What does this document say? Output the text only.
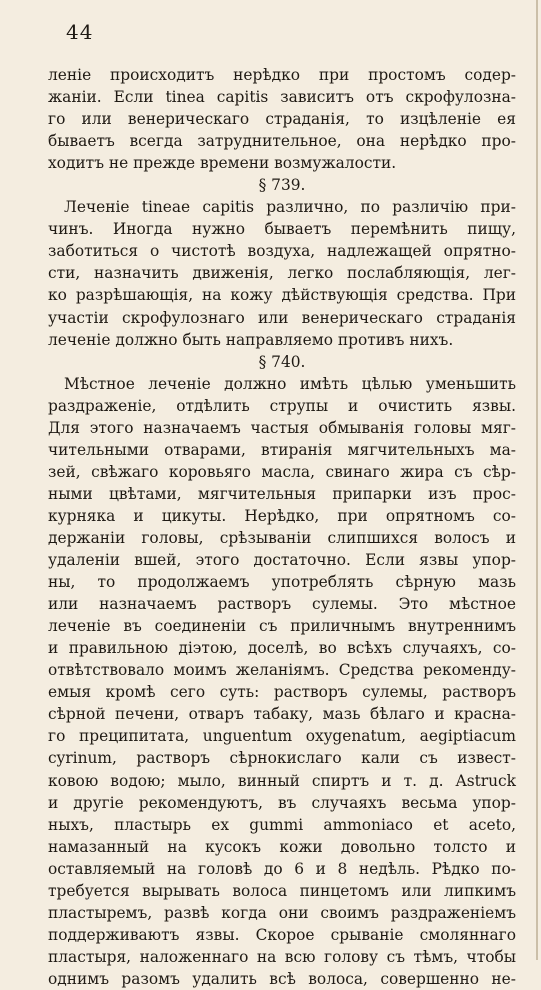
44
леніе происходитъ нерѣдко при простомъ содер-
жаніи. Если tinea capitis зависитъ отъ скрофулозна-
го или венерическаго страданія, то изцѣленіе ея
бываетъ всегда затруднительное, она нерѣдко про-
ходитъ не прежде времени возмужалости.
§ 739.
Леченіе tineae capitis различно, по различію при-
чинъ. Иногда нужно бываетъ перемѣнить пищу,
заботиться о чистотѣ воздуха, надлежащей опрятно-
сти, назначить движенія, легко послабляющія, лег-
ко разрѣшающія, на кожу дѣйствующія средства. При
участіи скрофулознаго или венерическаго страданія
леченіе должно быть направляемо противъ нихъ.
§ 740.
Мѣстное леченіе должно имѣть цѣлью уменьшить
раздраженіе, отдѣлить струпы и очистить язвы.
Для этого назначаемъ частыя обмыванія головы мяг-
чительными отварами, втиранія мягчительныхъ ма-
зей, свѣжаго коровьяго масла, свинаго жира съ сѣр-
ными цвѣтами, мягчительныя припарки изъ прос-
курняка и цикуты. Нерѣдко, при опрятномъ со-
держаніи головы, срѣзываніи слипшихся волосъ и
удаленіи вшей, этого достаточно. Если язвы упор-
ны, то продолжаемъ употреблять сѣрную мазь
или назначаемъ растворъ сулемы. Это мѣстное
леченіе въ соединеніи съ приличнымъ внутреннимъ
и правильною діэтою, доселѣ, во всѣхъ случаяхъ, со-
отвѣтствовало моимъ желаніямъ. Средства рекоменду-
емыя кромѣ сего суть: растворъ сулемы, растворъ
сѣрной печени, отваръ табаку, мазь бѣлаго и красна-
го преципитата, unguentum oxygenatum, aegiptiacum
cyrinum, растворъ сѣрнокислаго кали съ извест-
ковою водою; мыло, винный спиртъ и т. д. Astruck
и другіе рекомендуютъ, въ случаяхъ весьма упор-
ныхъ, пластырь ex gummi ammoniaco et aceto,
намазанный на кусокъ кожи довольно толсто и
оставляемый на головѣ до 6 и 8 недѣль. Рѣдко по-
требуется вырывать волоса пинцетомъ или липкимъ
пластыремъ, развѣ когда они своимъ раздраженіемъ
поддерживаютъ язвы. Скорое срываніе смоляннаго
пластыря, наложеннаго на всю голову съ тѣмъ, чтобы
однимъ разомъ удалить всѣ волоса, совершенно не-
